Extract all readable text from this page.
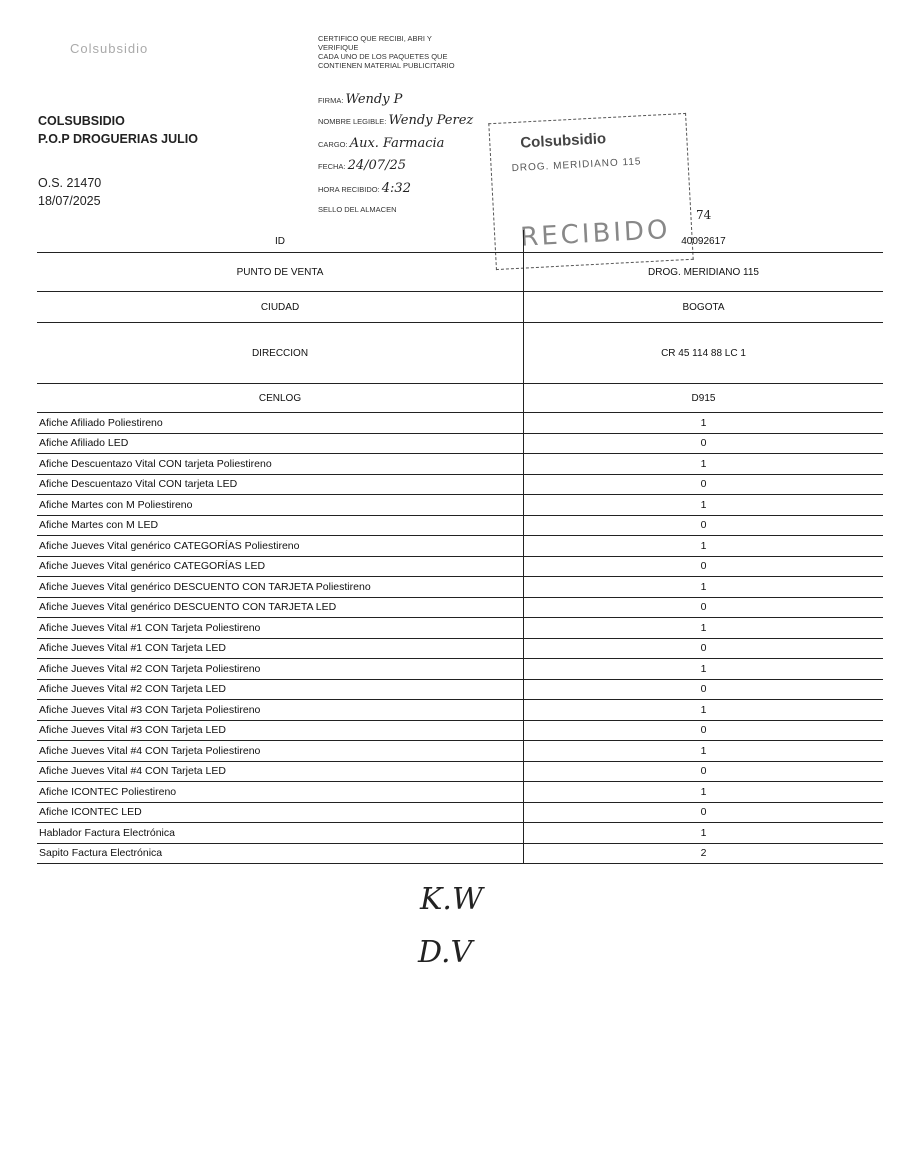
Colsubsidio
COLSUBSIDIO
P.O.P DROGUERIAS JULIO
O.S. 21470
18/07/2025
CERTIFICO QUE RECIBI, ABRI Y
VERIFIQUE
CADA UNO DE LOS PAQUETES QUE
CONTIENEN MATERIAL PUBLICITARIO
FIRMA: Wendy P
NOMBRE LEGIBLE: Wendy Perez
CARGO: Aux. Farmacia
FECHA: 24/07/25
HORA RECIBIDO: 4:32
SELLO DEL ALMACEN
Colsubsidio
DROG. MERIDIANO 115
RECIBIDO 74
ID	40092617
PUNTO DE VENTA	DROG. MERIDIANO 115
CIUDAD	BOGOTA
DIRECCION	CR 45 114 88 LC 1
CENLOG	D915
Afiche Afiliado Poliestireno	1
Afiche Afiliado LED	0
Afiche Descuentazo Vital CON tarjeta Poliestireno	1
Afiche Descuentazo Vital CON tarjeta LED	0
Afiche Martes con M Poliestireno	1
Afiche Martes con M LED	0
Afiche Jueves Vital genérico CATEGORÍAS Poliestireno	1
Afiche Jueves Vital genérico CATEGORÍAS LED	0
Afiche Jueves Vital genérico DESCUENTO CON TARJETA Poliestireno	1
Afiche Jueves Vital genérico DESCUENTO CON TARJETA LED	0
Afiche Jueves Vital #1 CON Tarjeta Poliestireno	1
Afiche Jueves Vital #1 CON Tarjeta LED	0
Afiche Jueves Vital #2 CON Tarjeta Poliestireno	1
Afiche Jueves Vital #2 CON Tarjeta LED	0
Afiche Jueves Vital #3 CON Tarjeta Poliestireno	1
Afiche Jueves Vital #3 CON Tarjeta LED	0
Afiche Jueves Vital #4 CON Tarjeta Poliestireno	1
Afiche Jueves Vital #4 CON Tarjeta LED	0
Afiche ICONTEC Poliestireno	1
Afiche ICONTEC LED	0
Hablador Factura Electrónica	1
Sapito Factura Electrónica	2
K.W
D.V
